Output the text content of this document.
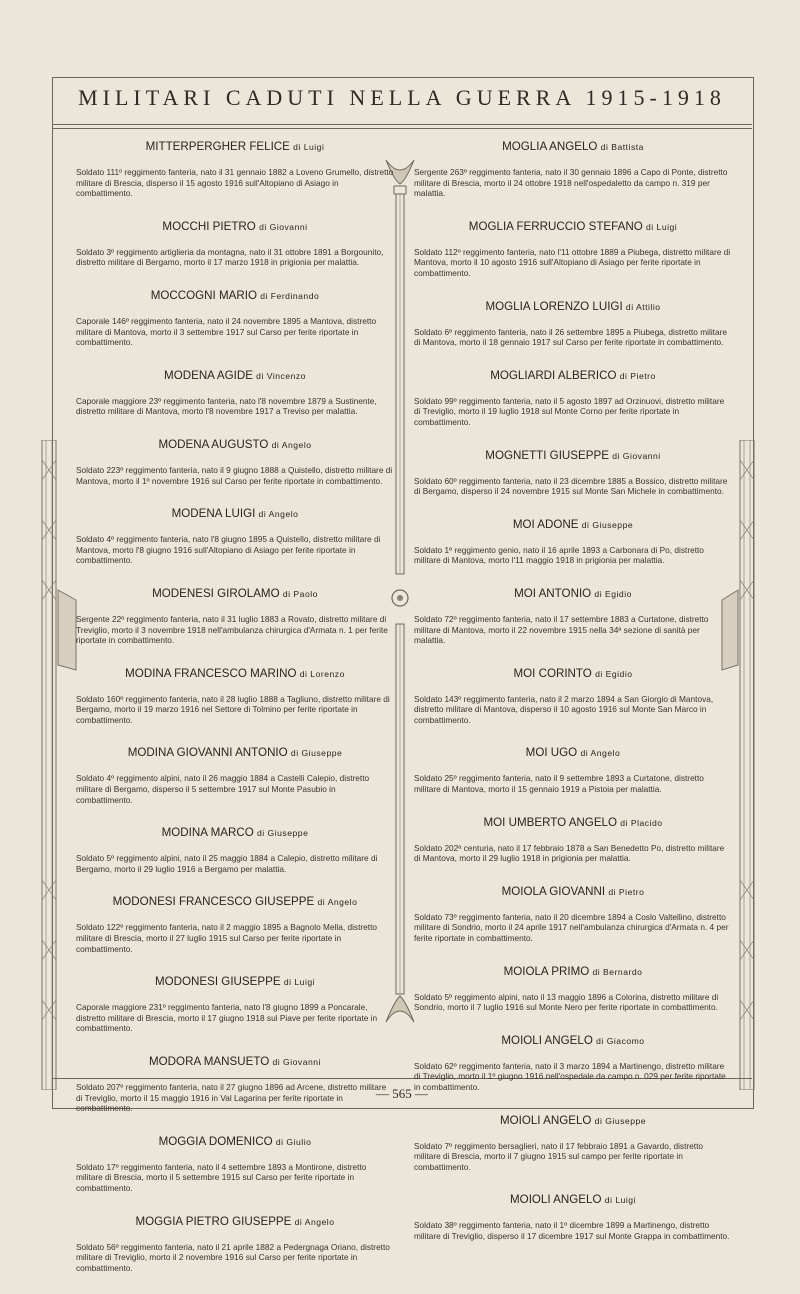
MILITARI CADUTI NELLA GUERRA 1915-1918
MITTERPERGHER FELICE di Luigi
Soldato 111º reggimento fanteria, nato il 31 gennaio 1882 a Loveno Grumello, distretto militare di Brescia, disperso il 15 agosto 1916 sull'Altopiano di Asiago in combattimento.
MOCCHI PIETRO di Giovanni
Soldato 3º reggimento artiglieria da montagna, nato il 31 ottobre 1891 a Borgounito, distretto militare di Bergamo, morto il 17 marzo 1918 in prigionia per malattia.
MOCCOGNI MARIO di Ferdinando
Caporale 146º reggimento fanteria, nato il 24 novembre 1895 a Mantova, distretto militare di Mantova, morto il 3 settembre 1917 sul Carso per ferite riportate in combattimento.
MODENA AGIDE di Vincenzo
Caporale maggiore 23º reggimento fanteria, nato l'8 novembre 1879 a Sustinente, distretto militare di Mantova, morto l'8 novembre 1917 a Treviso per malattia.
MODENA AUGUSTO di Angelo
Soldato 223º reggimento fanteria, nato il 9 giugno 1888 a Quistello, distretto militare di Mantova, morto il 1º novembre 1916 sul Carso per ferite riportate in combattimento.
MODENA LUIGI di Angelo
Soldato 4º reggimento fanteria, nato l'8 giugno 1895 a Quistello, distretto militare di Mantova, morto l'8 giugno 1916 sull'Altopiano di Asiago per ferite riportate in combattimento.
MODENESI GIROLAMO di Paolo
Sergente 22º reggimento fanteria, nato il 31 luglio 1883 a Rovato, distretto militare di Treviglio, morto il 3 novembre 1918 nell'ambulanza chirurgica d'Armata n. 1 per ferite riportate in combattimento.
MODINA FRANCESCO MARINO di Lorenzo
Soldato 160º reggimento fanteria, nato il 28 luglio 1888 a Tagliuno, distretto militare di Bergamo, morto il 19 marzo 1916 nel Settore di Tolmino per ferite riportate in combattimento.
MODINA GIOVANNI ANTONIO di Giuseppe
Soldato 4º reggimento alpini, nato il 26 maggio 1884 a Castelli Calepio, distretto militare di Bergamo, disperso il 5 settembre 1917 sul Monte Pasubio in combattimento.
MODINA MARCO di Giuseppe
Soldato 5º reggimento alpini, nato il 25 maggio 1884 a Calepio, distretto militare di Bergamo, morto il 29 luglio 1916 a Bergamo per malattia.
MODONESI FRANCESCO GIUSEPPE di Angelo
Soldato 122º reggimento fanteria, nato il 2 maggio 1895 a Bagnolo Mella, distretto militare di Brescia, morto il 27 luglio 1915 sul Carso per ferite riportate in combattimento.
MODONESI GIUSEPPE di Luigi
Caporale maggiore 231º reggimento fanteria, nato l'8 giugno 1899 a Poncarale, distretto militare di Brescia, morto il 17 giugno 1918 sul Piave per ferite riportate in combattimento.
MODORA MANSUETO di Giovanni
Soldato 207º reggimento fanteria, nato il 27 giugno 1896 ad Arcene, distretto militare di Treviglio, morto il 15 maggio 1916 in Val Lagarina per ferite riportate in combattimento.
MOGGIA DOMENICO di Giulio
Soldato 17º reggimento fanteria, nato il 4 settembre 1893 a Montirone, distretto militare di Brescia, morto il 5 settembre 1915 sul Carso per ferite riportate in combattimento.
MOGGIA PIETRO GIUSEPPE di Angelo
Soldato 56º reggimento fanteria, nato il 21 aprile 1882 a Pedergnaga Oriano, distretto militare di Treviglio, morto il 2 novembre 1916 sul Carso per ferite riportate in combattimento.
MOGLIA ANGELO di Battista
Sergente 263º reggimento fanteria, nato il 30 gennaio 1896 a Capo di Ponte, distretto militare di Brescia, morto il 24 ottobre 1918 nell'ospedaletto da campo n. 319 per malattia.
MOGLIA FERRUCCIO STEFANO di Luigi
Soldato 112º reggimento fanteria, nato l'11 ottobre 1889 a Piubega, distretto militare di Mantova, morto il 10 agosto 1916 sull'Altopiano di Asiago per ferite riportate in combattimento.
MOGLIA LORENZO LUIGI di Attilio
Soldato 6º reggimento fanteria, nato il 26 settembre 1895 a Piubega, distretto militare di Mantova, morto il 18 gennaio 1917 sul Carso per ferite riportate in combattimento.
MOGLIARDI ALBERICO di Pietro
Soldato 99º reggimento fanteria, nato il 5 agosto 1897 ad Orzinuovi, distretto militare di Treviglio, morto il 19 luglio 1918 sul Monte Corno per ferite riportate in combattimento.
MOGNETTI GIUSEPPE di Giovanni
Soldato 60º reggimento fanteria, nato il 23 dicembre 1885 a Bossico, distretto militare di Bergamo, disperso il 24 novembre 1915 sul Monte San Michele in combattimento.
MOI ADONE di Giuseppe
Soldato 1º reggimento genio, nato il 16 aprile 1893 a Carbonara di Po, distretto militare di Mantova, morto l'11 maggio 1918 in prigionia per malattia.
MOI ANTONIO di Egidio
Soldato 72º reggimento fanteria, nato il 17 settembre 1883 a Curtatone, distretto militare di Mantova, morto il 22 novembre 1915 nella 34ª sezione di sanità per malattia.
MOI CORINTO di Egidio
Soldato 143º reggimento fanteria, nato il 2 marzo 1894 a San Giorgio di Mantova, distretto militare di Mantova, disperso il 10 agosto 1916 sul Monte San Marco in combattimento.
MOI UGO di Angelo
Soldato 25º reggimento fanteria, nato il 9 settembre 1893 a Curtatone, distretto militare di Mantova, morto il 15 gennaio 1919 a Pistoia per malattia.
MOI UMBERTO ANGELO di Placido
Soldato 202ª centuria, nato il 17 febbraio 1878 a San Benedetto Po, distretto militare di Mantova, morto il 29 luglio 1918 in prigionia per malattia.
MOIOLA GIOVANNI di Pietro
Soldato 73º reggimento fanteria, nato il 20 dicembre 1894 a Coslo Valtellino, distretto militare di Sondrio, morto il 24 aprile 1917 nell'ambulanza chirurgica d'Armata n. 4 per ferite riportate in combattimento.
MOIOLA PRIMO di Bernardo
Soldato 5º reggimento alpini, nato il 13 maggio 1896 a Colorina, distretto militare di Sondrio, morto il 7 luglio 1916 sul Monte Nero per ferite riportate in combattimento.
MOIOLI ANGELO di Giacomo
Soldato 62º reggimento fanteria, nato il 3 marzo 1894 a Martinengo, distretto militare di Treviglio, morto il 1º giugno 1916 nell'ospedale da campo n. 029 per ferite riportate in combattimento.
MOIOLI ANGELO di Giuseppe
Soldato 7º reggimento bersaglieri, nato il 17 febbraio 1891 a Gavardo, distretto militare di Brescia, morto il 7 giugno 1915 sul campo per ferite riportate in combattimento.
MOIOLI ANGELO di Luigi
Soldato 38º reggimento fanteria, nato il 1º dicembre 1899 a Martinengo, distretto militare di Treviglio, disperso il 17 dicembre 1917 sul Monte Grappa in combattimento.
— 565 —
